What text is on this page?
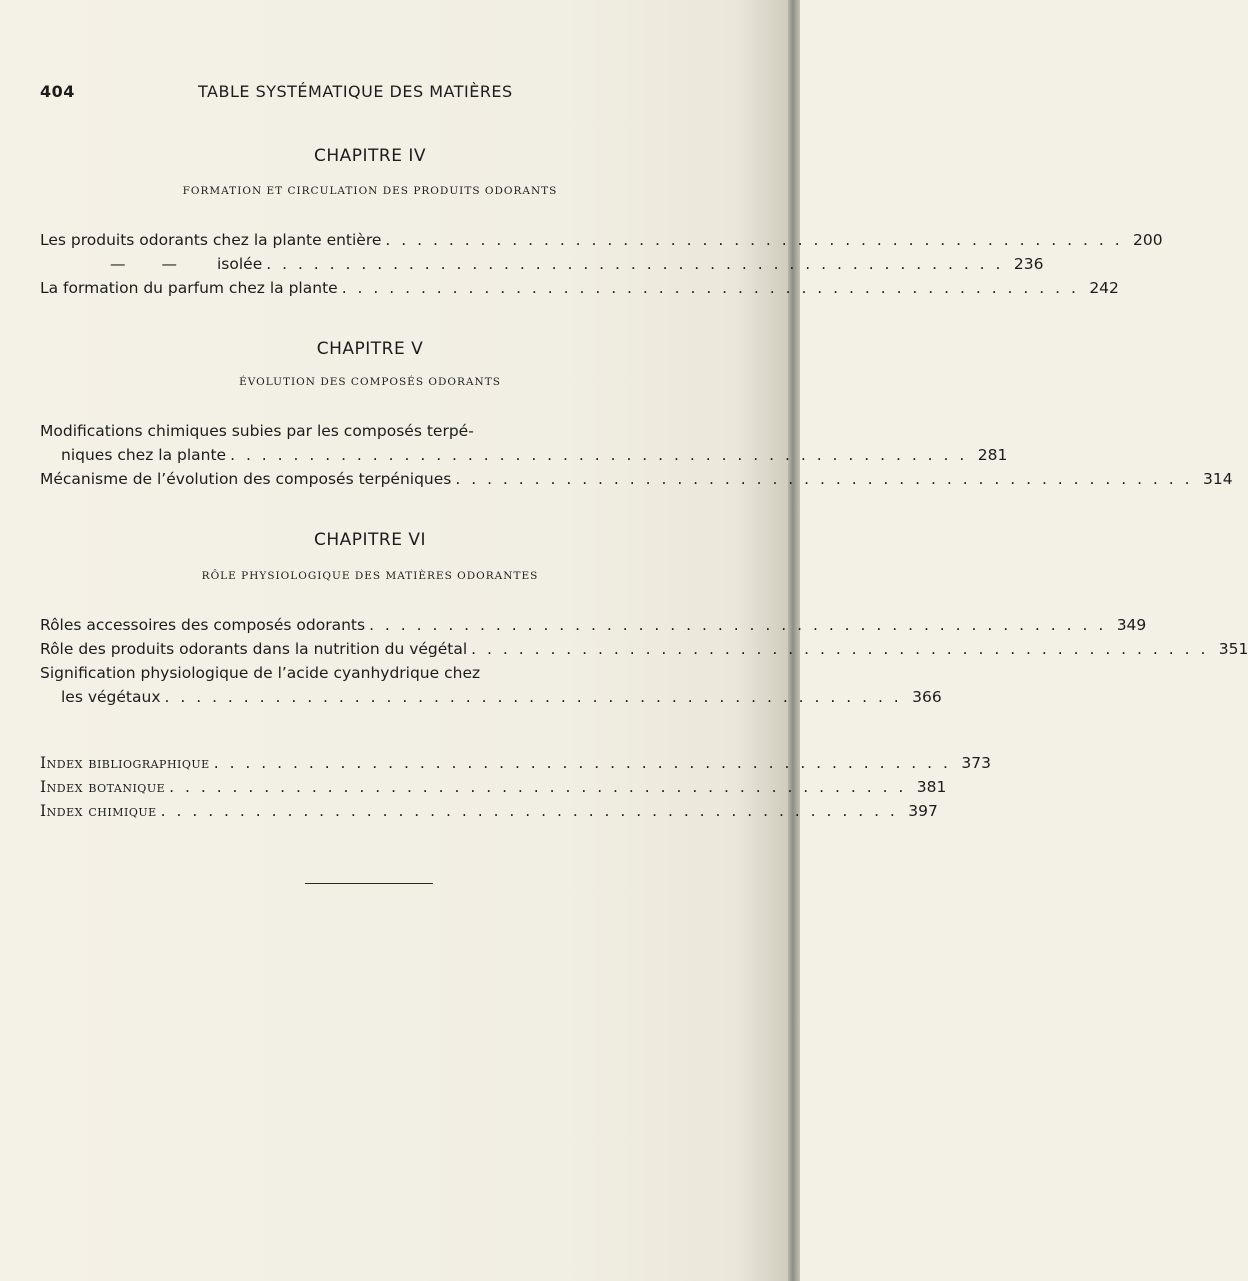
404	TABLE SYSTÉMATIQUE DES MATIÈRES
CHAPITRE IV
FORMATION ET CIRCULATION DES PRODUITS ODORANTS
Les produits odorants chez la plante entière . . . . . . . . . . . . . . . . . . . . . . . . . . . . . . . . . . . . . . . . . . . . . . . 200
— —	isolée . . . . . . . . . . . . . . . . . . . . . . . . . . . . . . . . . . . . . . . . . . . . . . . 236
La formation du parfum chez la plante . . . . . . . . . . . . . . . . . . . . . . . . . . . . . . . . . . . . . . . . . . . . . . . 242
CHAPITRE V
ÉVOLUTION DES COMPOSÉS ODORANTS
Modifications chimiques subies par les composés terpé-
niques chez la plante . . . . . . . . . . . . . . . . . . . . . . . . . . . . . . . . . . . . . . . . . . . . . . . 281
Mécanisme de l’évolution des composés terpéniques . . . . . . . . . . . . . . . . . . . . . . . . . . . . . . . . . . . . . . . . . . . . . . . 314
CHAPITRE VI
RÔLE PHYSIOLOGIQUE DES MATIÈRES ODORANTES
Rôles accessoires des composés odorants . . . . . . . . . . . . . . . . . . . . . . . . . . . . . . . . . . . . . . . . . . . . . . . 349
Rôle des produits odorants dans la nutrition du végétal . . . . . . . . . . . . . . . . . . . . . . . . . . . . . . . . . . . . . . . . . . . . . . . 351
Signification physiologique de l’acide cyanhydrique chez
les végétaux . . . . . . . . . . . . . . . . . . . . . . . . . . . . . . . . . . . . . . . . . . . . . . . 366
Index bibliographique . . . . . . . . . . . . . . . . . . . . . . . . . . . . . . . . . . . . . . . . . . . . . . . 373
Index botanique . . . . . . . . . . . . . . . . . . . . . . . . . . . . . . . . . . . . . . . . . . . . . . . 381
Index chimique . . . . . . . . . . . . . . . . . . . . . . . . . . . . . . . . . . . . . . . . . . . . . . . 397
